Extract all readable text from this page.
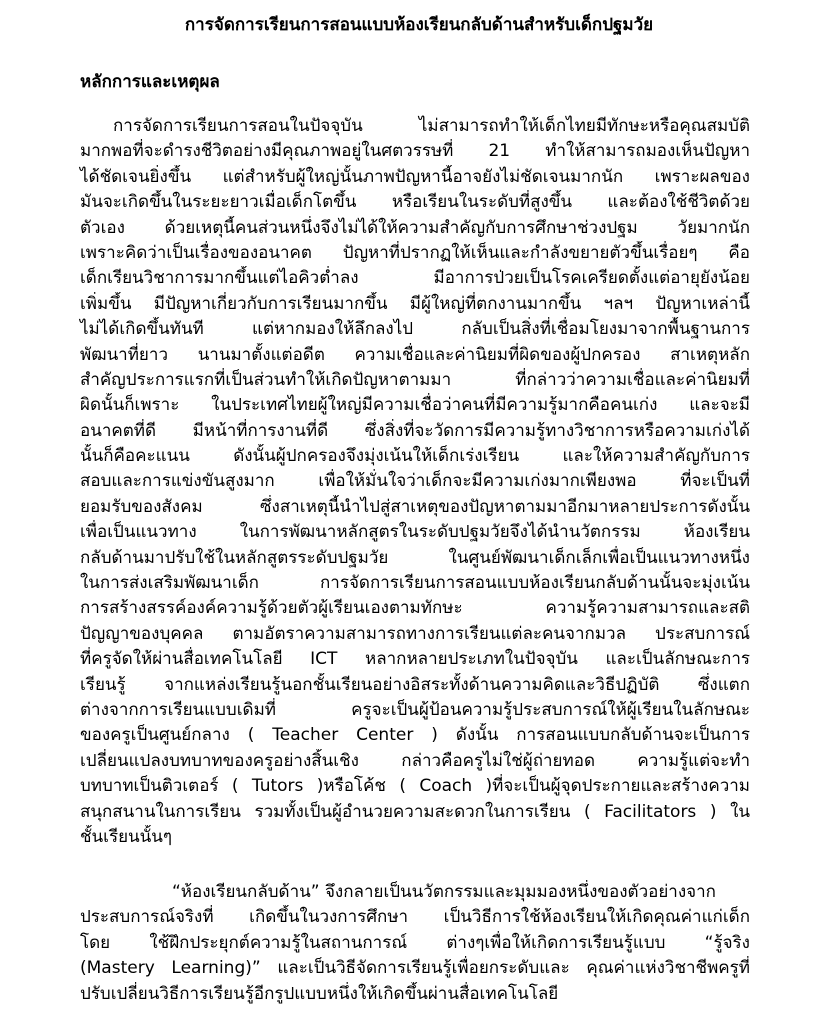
การจัดการเรียนการสอนแบบห้องเรียนกลับด้านสำหรับเด็กปฐมวัย
หลักการและเหตุผล
การจัดการเรียนการสอนในปัจจุบัน ไม่สามารถทำให้เด็กไทยมีทักษะหรือคุณสมบัติ
มากพอที่จะดำรงชีวิตอย่างมีคุณภาพอยู่ในศตวรรษที่ 21 ทำให้สามารถมองเห็นปัญหา
ได้ชัดเจนยิ่งขึ้น แต่สำหรับผู้ใหญ่นั้นภาพปัญหานี้อาจยังไม่ชัดเจนมากนัก เพราะผลของ
มันจะเกิดขึ้นในระยะยาวเมื่อเด็กโตขึ้น หรือเรียนในระดับที่สูงขึ้น และต้องใช้ชีวิตด้วย
ตัวเอง ด้วยเหตุนี้คนส่วนหนึ่งจึงไม่ได้ให้ความสำคัญกับการศึกษาช่วงปฐม วัยมากนัก
เพราะคิดว่าเป็นเรื่องของอนาคต ปัญหาที่ปรากฏให้เห็นและกำลังขยายตัวขึ้นเรื่อยๆ คือ
เด็กเรียนวิชาการมากขึ้นแต่ไอคิวต่ำลง มีอาการป่วยเป็นโรคเครียดตั้งแต่อายุยังน้อย
เพิ่มขึ้น มีปัญหาเกี่ยวกับการเรียนมากขึ้น มีผู้ใหญ่ที่ตกงานมากขึ้น ฯลฯ ปัญหาเหล่านี้
ไม่ได้เกิดขึ้นทันที แต่หากมองให้ลึกลงไป กลับเป็นสิ่งที่เชื่อมโยงมาจากพื้นฐานการ
พัฒนาที่ยาว นานมาตั้งแต่อดีต ความเชื่อและค่านิยมที่ผิดของผู้ปกครอง สาเหตุหลัก
สำคัญประการแรกที่เป็นส่วนทำให้เกิดปัญหาตามมา ที่กล่าวว่าความเชื่อและค่านิยมที่
ผิดนั้นก็เพราะ ในประเทศไทยผู้ใหญ่มีความเชื่อว่าคนที่มีความรู้มากคือคนเก่ง และจะมี
อนาคตที่ดี มีหน้าที่การงานที่ดี ซึ่งสิ่งที่จะวัดการมีความรู้ทางวิชาการหรือความเก่งได้
นั้นก็คือคะแนน ดังนั้นผู้ปกครองจึงมุ่งเน้นให้เด็กเร่งเรียน และให้ความสำคัญกับการ
สอบและการแข่งขันสูงมาก เพื่อให้มั่นใจว่าเด็กจะมีความเก่งมากเพียงพอ ที่จะเป็นที่
ยอมรับของสังคม ซึ่งสาเหตุนี้นำไปสู่สาเหตุของปัญหาตามมาอีกมาหลายประการดังนั้น
เพื่อเป็นแนวทาง ในการพัฒนาหลักสูตรในระดับปฐมวัยจึงได้นำนวัตกรรม ห้องเรียน
กลับด้านมาปรับใช้ในหลักสูตรระดับปฐมวัย ในศูนย์พัฒนาเด็กเล็กเพื่อเป็นแนวทางหนึ่ง
ในการส่งเสริมพัฒนาเด็ก การจัดการเรียนการสอนแบบห้องเรียนกลับด้านนั้นจะมุ่งเน้น
การสร้างสรรค์องค์ความรู้ด้วยตัวผู้เรียนเองตามทักษะ ความรู้ความสามารถและสติ
ปัญญาของบุคคล ตามอัตราความสามารถทางการเรียนแต่ละคนจากมวล ประสบการณ์
ที่ครูจัดให้ผ่านสื่อเทคโนโลยี ICT หลากหลายประเภทในปัจจุบัน และเป็นลักษณะการ
เรียนรู้ จากแหล่งเรียนรู้นอกชั้นเรียนอย่างอิสระทั้งด้านความคิดและวิธีปฏิบัติ ซึ่งแตก
ต่างจากการเรียนแบบเดิมที่ ครูจะเป็นผู้ป้อนความรู้ประสบการณ์ให้ผู้เรียนในลักษณะ
ของครูเป็นศูนย์กลาง ( Teacher Center ) ดังนั้น การสอนแบบกลับด้านจะเป็นการ
เปลี่ยนแปลงบทบาทของครูอย่างสิ้นเชิง กล่าวคือครูไม่ใช่ผู้ถ่ายทอด ความรู้แต่จะทำ
บทบาทเป็นติวเตอร์ ( Tutors )หรือโค้ช ( Coach )ที่จะเป็นผู้จุดประกายและสร้างความ
สนุกสนานในการเรียน รวมทั้งเป็นผู้อำนวยความสะดวกในการเรียน ( Facilitators ) ใน
ชั้นเรียนนั้นๆ
“ห้องเรียนกลับด้าน” จึงกลายเป็นนวัตกรรมและมุมมองหนึ่งของตัวอย่างจาก
ประสบการณ์จริงที่ เกิดขึ้นในวงการศึกษา เป็นวิธีการใช้ห้องเรียนให้เกิดคุณค่าแก่เด็ก
โดย ใช้ฝึกประยุกต์ความรู้ในสถานการณ์ ต่างๆเพื่อให้เกิดการเรียนรู้แบบ “รู้จริง
(Mastery Learning)” และเป็นวิธีจัดการเรียนรู้เพื่อยกระดับและ คุณค่าแห่งวิชาชีพครูที่
ปรับเปลี่ยนวิธีการเรียนรู้อีกรูปแบบหนึ่งให้เกิดขึ้นผ่านสื่อเทคโนโลยี
